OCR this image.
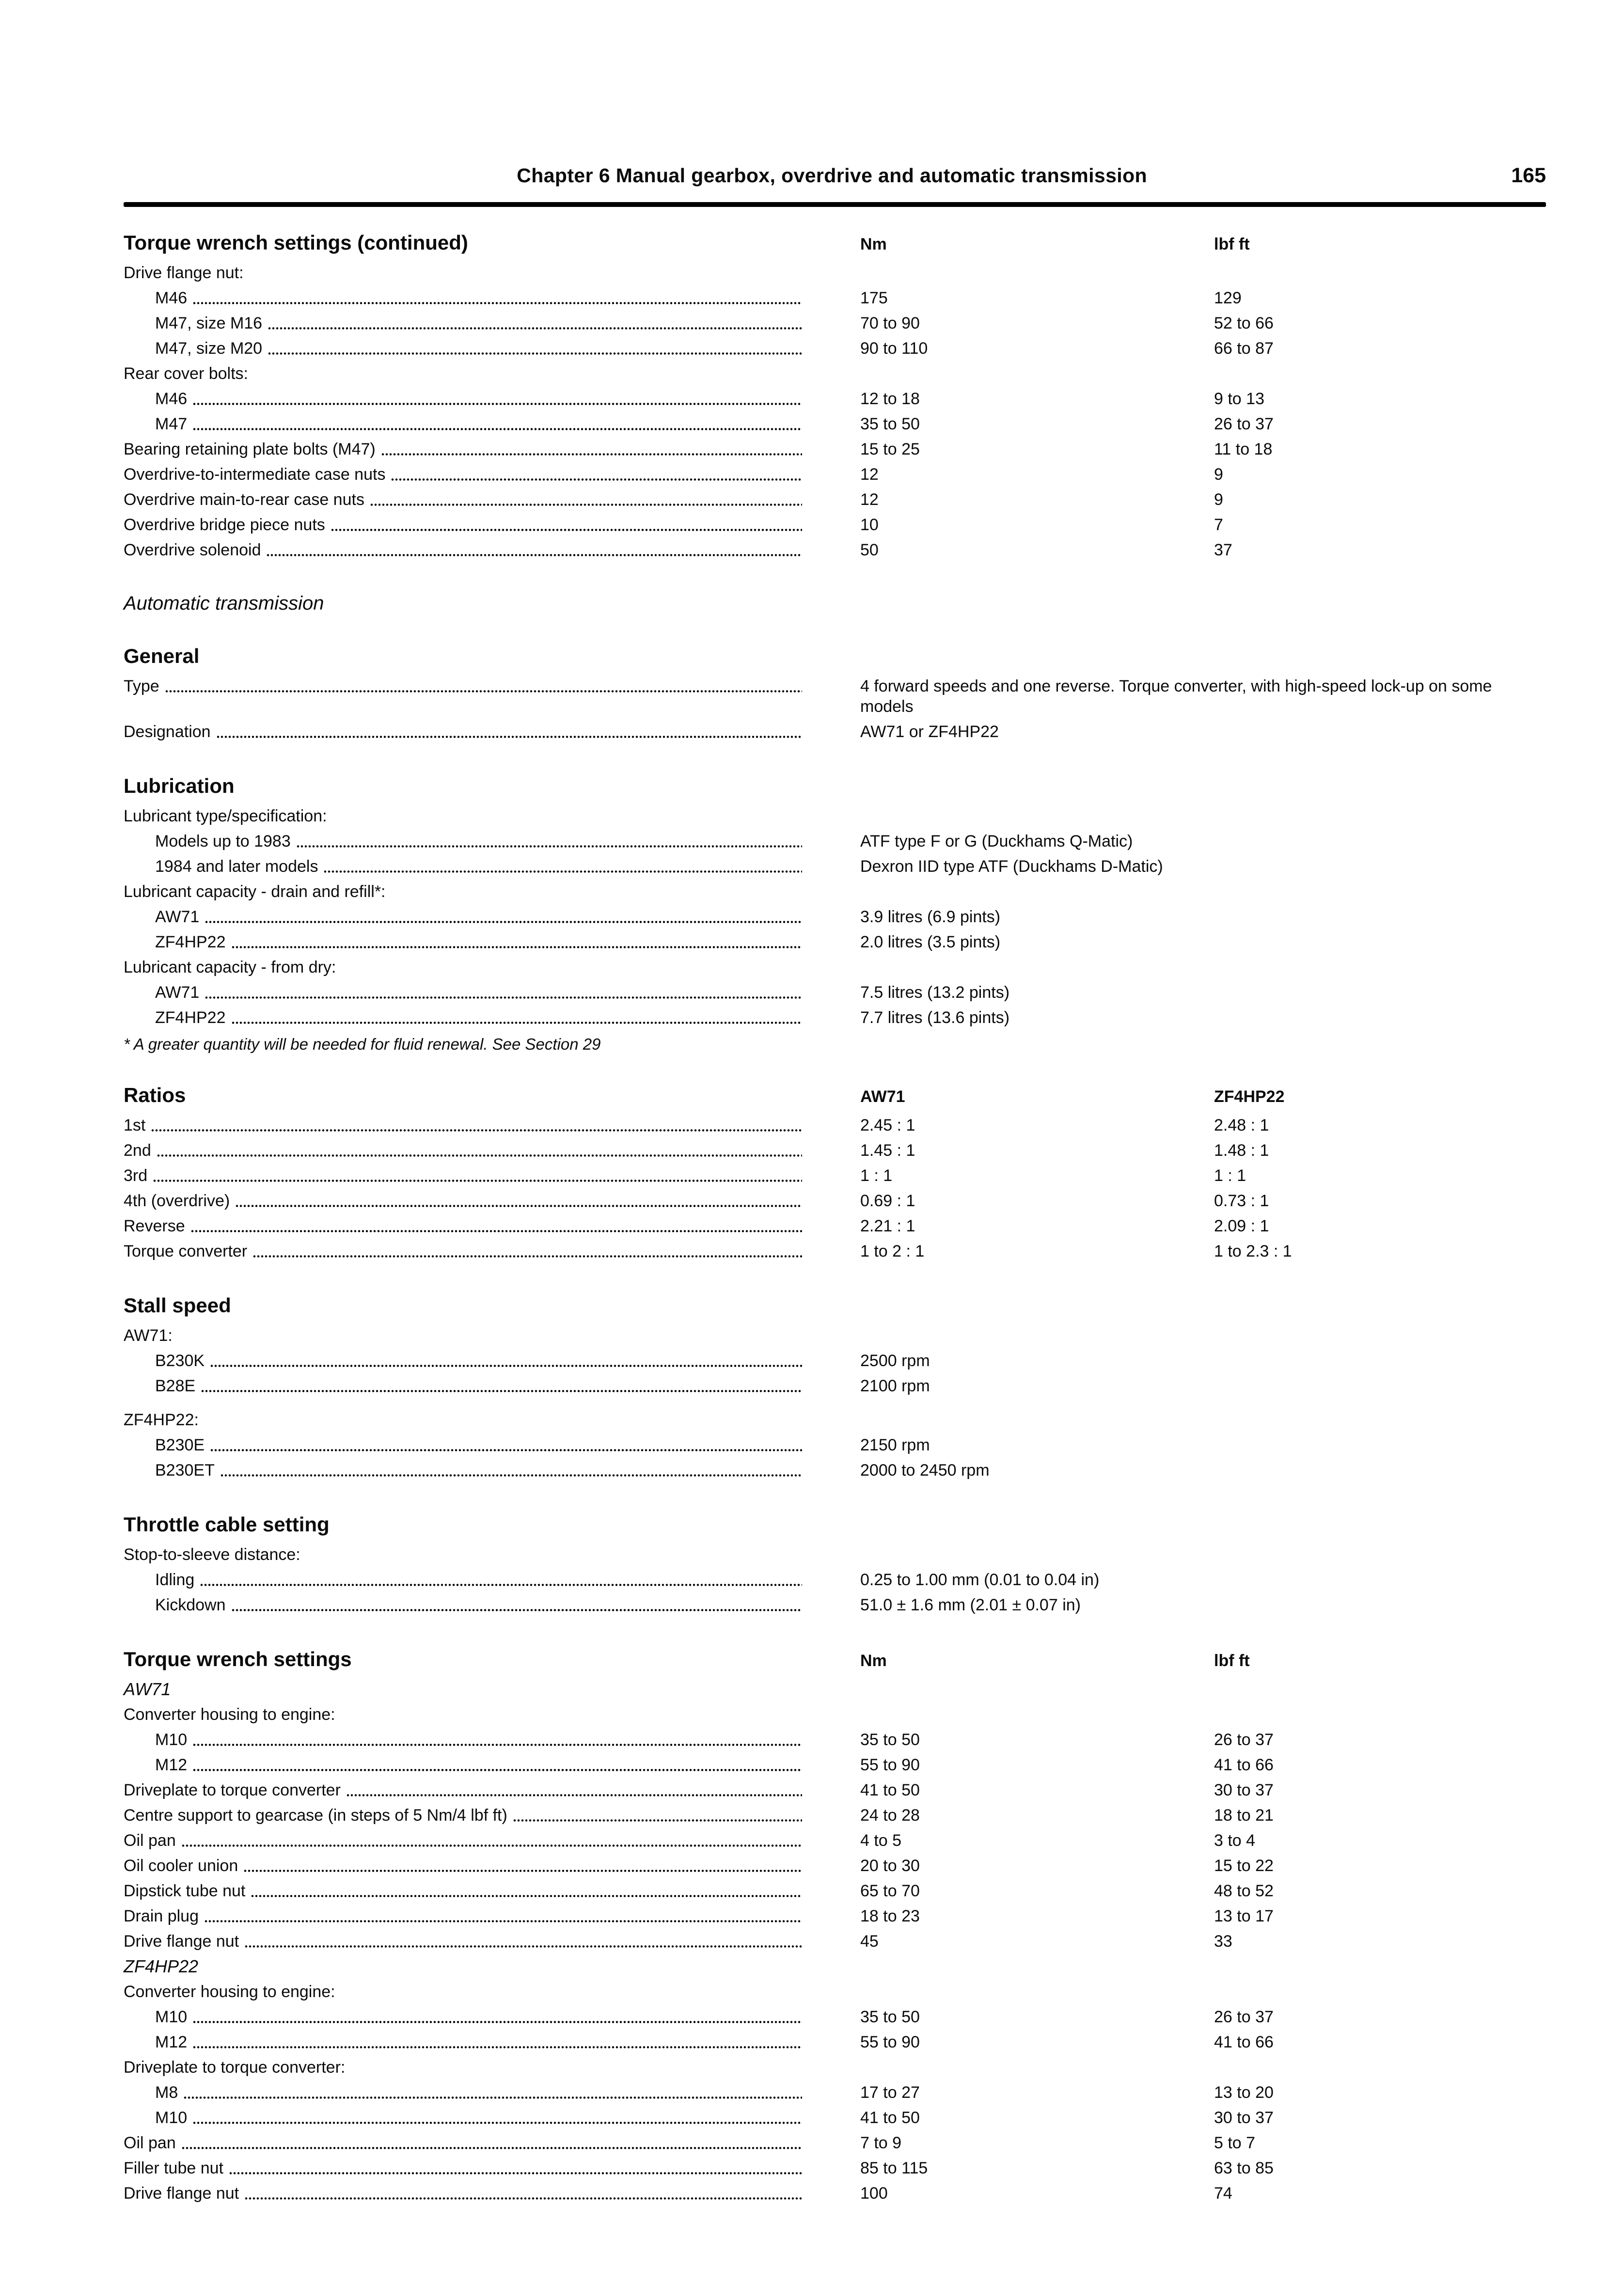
Chapter 6 Manual gearbox, overdrive and automatic transmission	165
Torque wrench settings (continued)	Nm	lbf ft
Drive flange nut:
M46	175	129
M47, size M16	70 to 90	52 to 66
M47, size M20	90 to 110	66 to 87
Rear cover bolts:
M46	12 to 18	9 to 13
M47	35 to 50	26 to 37
Bearing retaining plate bolts (M47)	15 to 25	11 to 18
Overdrive-to-intermediate case nuts	12	9
Overdrive main-to-rear case nuts	12	9
Overdrive bridge piece nuts	10	7
Overdrive solenoid	50	37
Automatic transmission
General
Type	4 forward speeds and one reverse. Torque converter, with high-speed lock-up on some models
Designation	AW71 or ZF4HP22
Lubrication
Lubricant type/specification:
Models up to 1983	ATF type F or G (Duckhams Q-Matic)
1984 and later models	Dexron IID type ATF (Duckhams D-Matic)
Lubricant capacity - drain and refill*:
AW71	3.9 litres (6.9 pints)
ZF4HP22	2.0 litres (3.5 pints)
Lubricant capacity - from dry:
AW71	7.5 litres (13.2 pints)
ZF4HP22	7.7 litres (13.6 pints)

* A greater quantity will be needed for fluid renewal. See Section 29

Ratios	AW71	ZF4HP22
1st	2.45 : 1	2.48 : 1
2nd	1.45 : 1	1.48 : 1
3rd	1 : 1	1 : 1
4th (overdrive)	0.69 : 1	0.73 : 1
Reverse	2.21 : 1	2.09 : 1
Torque converter	1 to 2 : 1	1 to 2.3 : 1
Stall speed
AW71:
B230K	2500 rpm
B28E	2100 rpm
ZF4HP22:
B230E	2150 rpm
B230ET	2000 to 2450 rpm
Throttle cable setting
Stop-to-sleeve distance:
Idling	0.25 to 1.00 mm (0.01 to 0.04 in)
Kickdown	51.0 ± 1.6 mm (2.01 ± 0.07 in)
Torque wrench settings	Nm	lbf ft
AW71
Converter housing to engine:
M10	35 to 50	26 to 37
M12	55 to 90	41 to 66
Driveplate to torque converter	41 to 50	30 to 37
Centre support to gearcase (in steps of 5 Nm/4 lbf ft)	24 to 28	18 to 21
Oil pan	4 to 5	3 to 4
Oil cooler union	20 to 30	15 to 22
Dipstick tube nut	65 to 70	48 to 52
Drain plug	18 to 23	13 to 17
Drive flange nut	45	33
ZF4HP22
Converter housing to engine:
M10	35 to 50	26 to 37
M12	55 to 90	41 to 66
Driveplate to torque converter:
M8	17 to 27	13 to 20
M10	41 to 50	30 to 37
Oil pan	7 to 9	5 to 7
Filler tube nut	85 to 115	63 to 85
Drive flange nut	100	74
